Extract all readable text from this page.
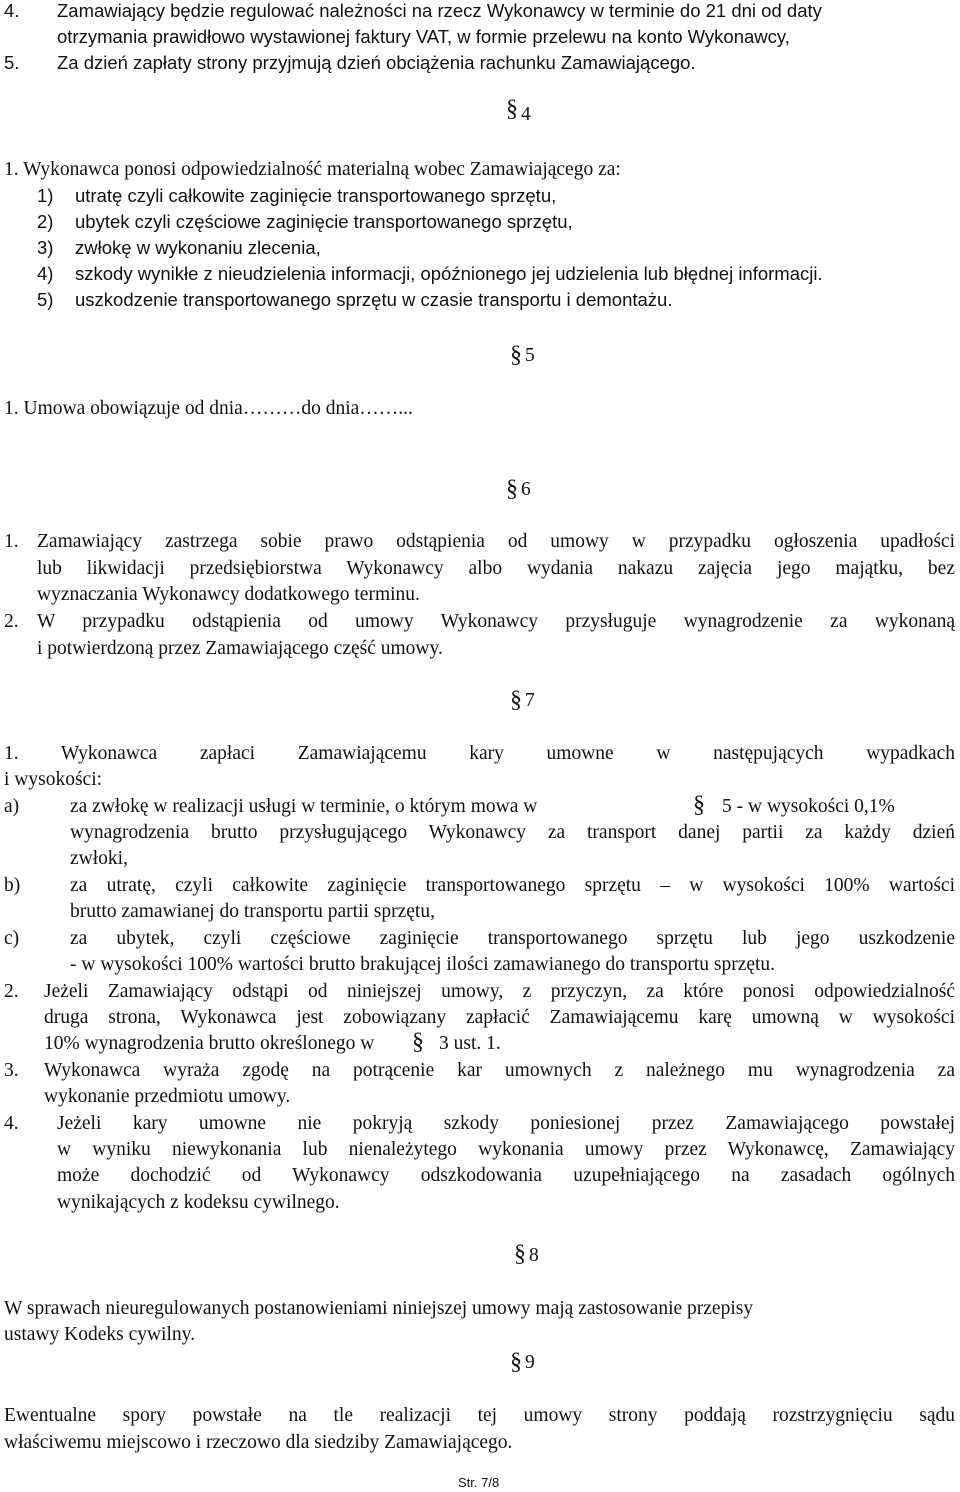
4. Zamawiający będzie regulować należności na rzecz Wykonawcy w terminie do 21 dni od daty
otrzymania prawidłowo wystawionej faktury VAT, w formie przelewu na konto Wykonawcy,
5. Za dzień zapłaty strony przyjmują dzień obciążenia rachunku Zamawiającego.
§ 4
1. Wykonawca ponosi odpowiedzialność materialną wobec Zamawiającego za:
1) utratę czyli całkowite zaginięcie transportowanego sprzętu,
2) ubytek czyli częściowe zaginięcie transportowanego sprzętu,
3) zwłokę w wykonaniu zlecenia,
4) szkody wynikłe z nieudzielenia informacji, opóźnionego jej udzielenia lub błędnej informacji.
5) uszkodzenie transportowanego sprzętu w czasie transportu i demontażu.
§ 5
1. Umowa obowiązuje od dnia………do dnia……...
§ 6
1. Zamawiający zastrzega sobie prawo odstąpienia od umowy w przypadku ogłoszenia upadłości
lub likwidacji przedsiębiorstwa Wykonawcy albo wydania nakazu zajęcia jego majątku, bez
wyznaczania Wykonawcy dodatkowego terminu.
2. W przypadku odstąpienia od umowy Wykonawcy przysługuje wynagrodzenie za wykonaną
i potwierdzoną przez Zamawiającego część umowy.
§ 7
1. Wykonawca zapłaci Zamawiającemu kary umowne w następujących wypadkach
i wysokości:
a)	za zwłokę w realizacji usługi w terminie, o którym mowa w	§ 5 - w wysokości 0,1%
wynagrodzenia brutto przysługującego Wykonawcy za transport danej partii za każdy dzień
zwłoki,
b)	za utratę, czyli całkowite zaginięcie transportowanego sprzętu – w wysokości 100% wartości
brutto zamawianej do transportu partii sprzętu,
c)	za ubytek, czyli częściowe zaginięcie transportowanego sprzętu lub jego uszkodzenie
- w wysokości 100% wartości brutto brakującej ilości zamawianego do transportu sprzętu.
2. Jeżeli Zamawiający odstąpi od niniejszej umowy, z przyczyn, za które ponosi odpowiedzialność
druga strona, Wykonawca jest zobowiązany zapłacić Zamawiającemu karę umowną w wysokości
10% wynagrodzenia brutto określonego w § 3 ust. 1.
3. Wykonawca wyraża zgodę na potrącenie kar umownych z należnego mu wynagrodzenia za
wykonanie przedmiotu umowy.
4. Jeżeli kary umowne nie pokryją szkody poniesionej przez Zamawiającego powstałej
w wyniku niewykonania lub nienależytego wykonania umowy przez Wykonawcę, Zamawiający
może dochodzić od Wykonawcy odszkodowania uzupełniającego na zasadach ogólnych
wynikających z kodeksu cywilnego.
§ 8
W sprawach nieuregulowanych postanowieniami niniejszej umowy mają zastosowanie przepisy
ustawy Kodeks cywilny.
§ 9
Ewentualne spory powstałe na tle realizacji tej umowy strony poddają rozstrzygnięciu sądu
właściwemu miejscowo i rzeczowo dla siedziby Zamawiającego.
Str. 7/8
